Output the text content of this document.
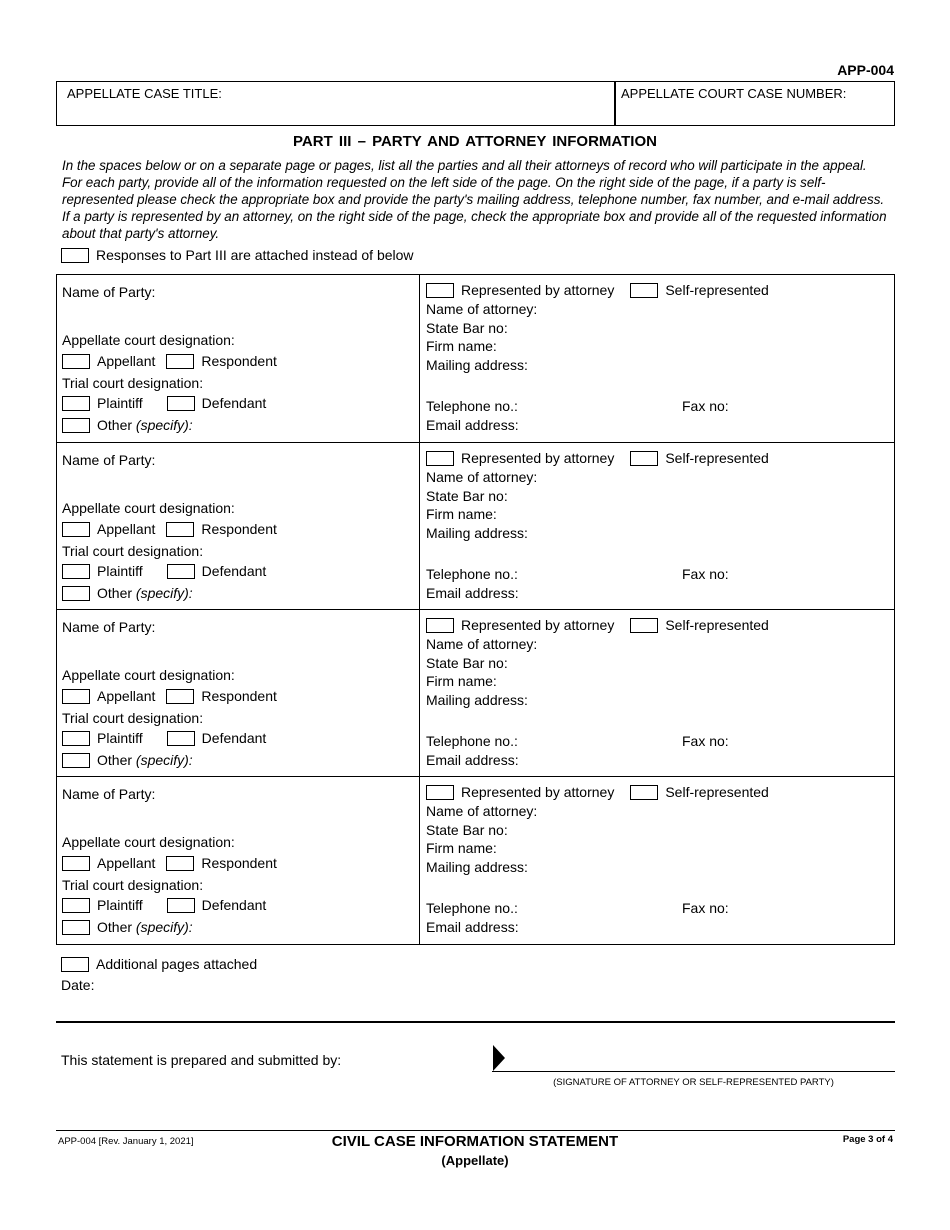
APP-004
APPELLATE CASE TITLE:	APPELLATE COURT CASE NUMBER:
PART III – PARTY AND ATTORNEY INFORMATION
In the spaces below or on a separate page or pages, list all the parties and all their attorneys of record who will participate in the appeal. For each party, provide all of the information requested on the left side of the page. On the right side of the page, if a party is self-represented please check the appropriate box and provide the party's mailing address, telephone number, fax number, and e-mail address. If a party is represented by an attorney, on the right side of the page, check the appropriate box and provide all of the requested information about that party's attorney.
Responses to Part III are attached instead of below
Name of Party:
Appellate court designation:
Appellant	Respondent
Trial court designation:
Plaintiff	Defendant
Other (specify):
Represented by attorney	Self-represented
Name of attorney:
State Bar no:
Firm name:
Mailing address:
Telephone no.:	Fax no:
Email address:
Name of Party:
Appellate court designation:
Appellant	Respondent
Trial court designation:
Plaintiff	Defendant
Other (specify):
Represented by attorney	Self-represented
Name of attorney:
State Bar no:
Firm name:
Mailing address:
Telephone no.:	Fax no:
Email address:
Name of Party:
Appellate court designation:
Appellant	Respondent
Trial court designation:
Plaintiff	Defendant
Other (specify):
Represented by attorney	Self-represented
Name of attorney:
State Bar no:
Firm name:
Mailing address:
Telephone no.:	Fax no:
Email address:
Name of Party:
Appellate court designation:
Appellant	Respondent
Trial court designation:
Plaintiff	Defendant
Other (specify):
Represented by attorney	Self-represented
Name of attorney:
State Bar no:
Firm name:
Mailing address:
Telephone no.:	Fax no:
Email address:
Additional pages attached
Date:
This statement is prepared and submitted by:
(SIGNATURE OF ATTORNEY OR SELF-REPRESENTED PARTY)
APP-004 [Rev. January 1, 2021]	CIVIL CASE INFORMATION STATEMENT
(Appellate)
Page 3 of 4
